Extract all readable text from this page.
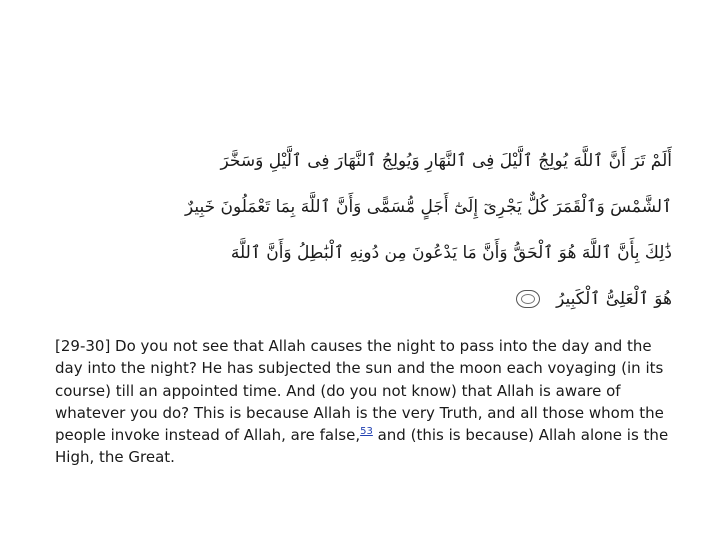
أَلَمْ تَرَ أَنَّ ٱللَّهَ يُولِجُ ٱلَّيْلَ فِى ٱلنَّهَارِ وَيُولِجُ ٱلنَّهَارَ فِى ٱلَّيْلِ وَسَخَّرَ
ٱلشَّمْسَ وَٱلْقَمَرَ كُلٌّ يَجْرِىٓ إِلَىٰٓ أَجَلٍ مُّسَمًّى وَأَنَّ ٱللَّهَ بِمَا تَعْمَلُونَ خَبِيرٌ
ذَٰلِكَ بِأَنَّ ٱللَّهَ هُوَ ٱلْحَقُّ وَأَنَّ مَا يَدْعُونَ مِن دُونِهِ ٱلْبَٰطِلُ وَأَنَّ ٱللَّهَ
هُوَ ٱلْعَلِىُّ ٱلْكَبِيرُ
[29-30] Do you not see that Allah causes the night to pass into the day and the day into the night? He has subjected the sun and the moon each voyaging (in its course) till an appointed time. And (do you not know) that Allah is aware of whatever you do? This is because Allah is the very Truth, and all those whom the people invoke instead of Allah, are false,$^{53}$ and (this is because) Allah alone is the High, the Great.
